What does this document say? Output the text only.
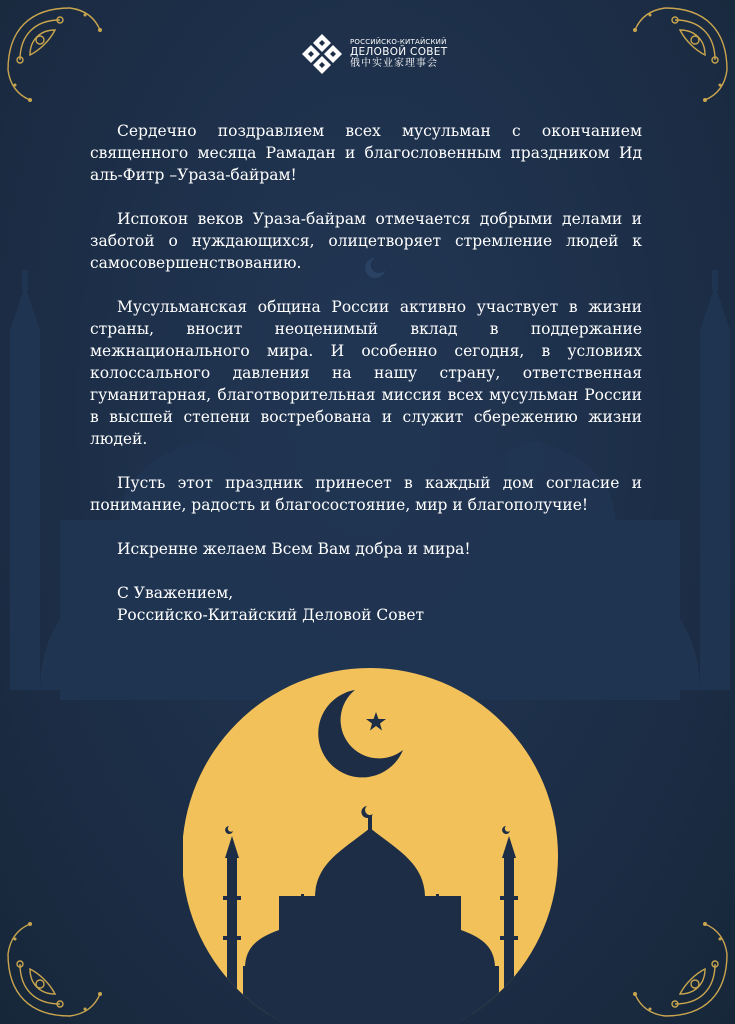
РОССИЙСКО-КИТАЙСКИЙ
ДЕЛОВОЙ СОВЕТ
俄中实业家理事会

Сердечно поздравляем всех мусульман с окончанием священного месяца Рамадан и благословенным праздником Ид аль-Фитр –Ураза-байрам!

Испокон веков Ураза-байрам отмечается добрыми делами и заботой о нуждающихся, олицетворяет стремление людей к самосовершенствованию.

Мусульманская община России активно участвует в жизни страны, вносит неоценимый вклад в поддержание межнационального мира. И особенно сегодня, в условиях колоссального давления на нашу страну, ответственная гуманитарная, благотворительная миссия всех мусульман России в высшей степени востребована и служит сбережению жизни людей.

Пусть этот праздник принесет в каждый дом согласие и понимание, радость и благосостояние, мир и благополучие!

Искренне желаем Всем Вам добра и мира!

С Уважением,
Российско-Китайский Деловой Совет
